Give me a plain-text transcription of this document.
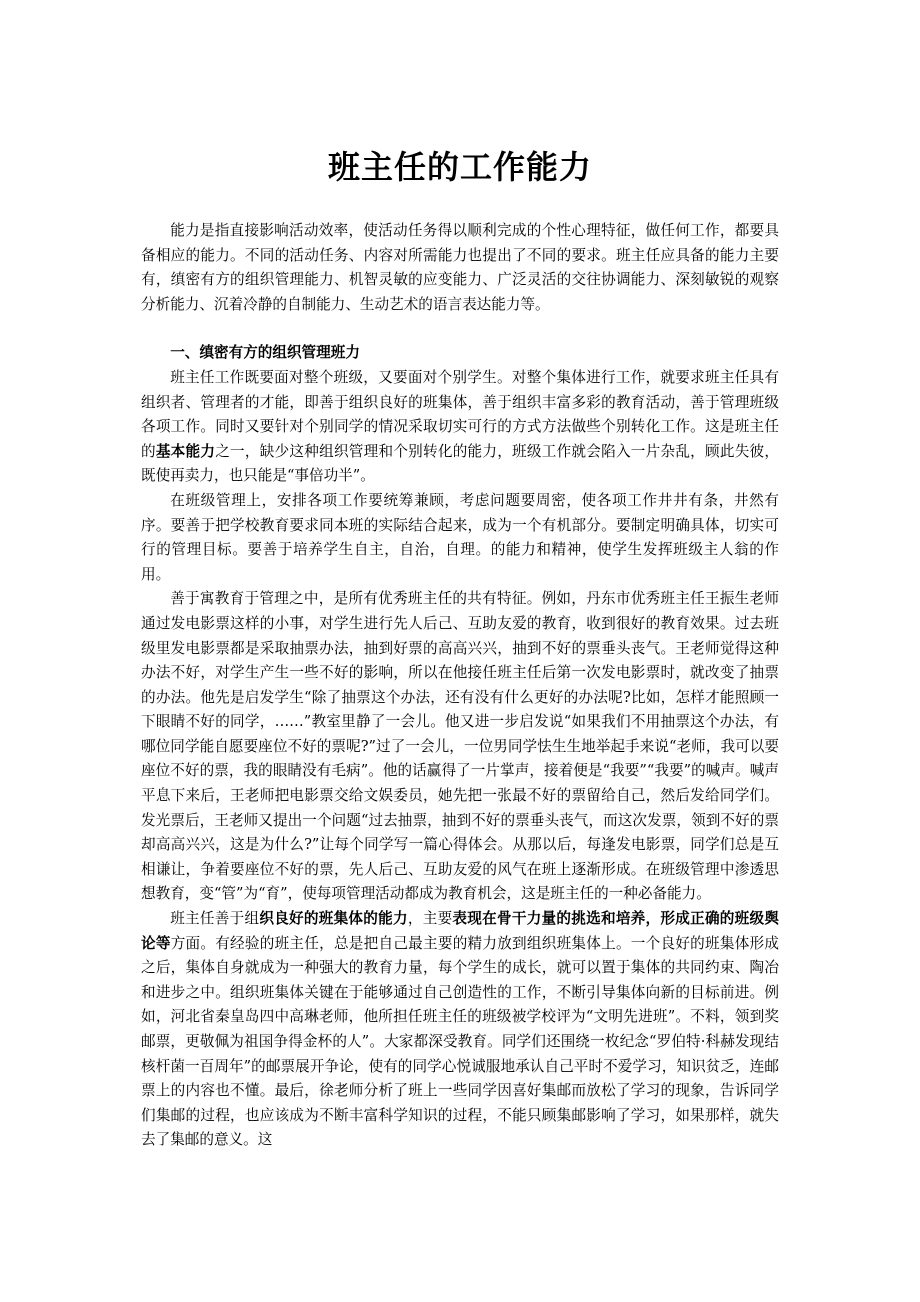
班主任的工作能力

能力是指直接影响活动效率，使活动任务得以顺利完成的个性心理特征，做任何工作，都要具备相应的能力。不同的活动任务、内容对所需能力也提出了不同的要求。班主任应具备的能力主要有，缜密有方的组织管理能力、机智灵敏的应变能力、广泛灵活的交往协调能力、深刻敏锐的观察分析能力、沉着冷静的自制能力、生动艺术的语言表达能力等。

一、缜密有方的组织管理班力

班主任工作既要面对整个班级，又要面对个别学生。对整个集体进行工作，就要求班主任具有组织者、管理者的才能，即善于组织良好的班集体，善于组织丰富多彩的教育活动，善于管理班级各项工作。同时又要针对个别同学的情况采取切实可行的方式方法做些个别转化工作。这是班主任的基本能力之一，缺少这种组织管理和个别转化的能力，班级工作就会陷入一片杂乱，顾此失彼，既使再卖力，也只能是“事倍功半”。

在班级管理上，安排各项工作要统筹兼顾，考虑问题要周密，使各项工作井井有条，井然有序。要善于把学校教育要求同本班的实际结合起来，成为一个有机部分。要制定明确具体，切实可行的管理目标。要善于培养学生自主，自治，自理。的能力和精神，使学生发挥班级主人翁的作用。

善于寓教育于管理之中，是所有优秀班主任的共有特征。例如，丹东市优秀班主任王振生老师通过发电影票这样的小事，对学生进行先人后己、互助友爱的教育，收到很好的教育效果。过去班级里发电影票都是采取抽票办法，抽到好票的高高兴兴，抽到不好的票垂头丧气。王老师觉得这种办法不好，对学生产生一些不好的影响，所以在他接任班主任后第一次发电影票时，就改变了抽票的办法。他先是启发学生“除了抽票这个办法，还有没有什么更好的办法呢?比如，怎样才能照顾一下眼睛不好的同学，……”教室里静了一会儿。他又进一步启发说“如果我们不用抽票这个办法，有哪位同学能自愿要座位不好的票呢?”过了一会儿，一位男同学怯生生地举起手来说“老师，我可以要座位不好的票，我的眼睛没有毛病”。他的话赢得了一片掌声，接着便是“我要”“我要”的喊声。喊声平息下来后，王老师把电影票交给文娱委员，她先把一张最不好的票留给自己，然后发给同学们。发光票后，王老师又提出一个问题“过去抽票，抽到不好的票垂头丧气，而这次发票，领到不好的票却高高兴兴，这是为什么?”让每个同学写一篇心得体会。从那以后，每逢发电影票，同学们总是互相谦让，争着要座位不好的票，先人后己、互助友爱的风气在班上逐渐形成。在班级管理中渗透思想教育，变“管”为“育”，使每项管理活动都成为教育机会，这是班主任的一种必备能力。

班主任善于组织良好的班集体的能力，主要表现在骨干力量的挑选和培养，形成正确的班级舆论等方面。有经验的班主任，总是把自己最主要的精力放到组织班集体上。一个良好的班集体形成之后，集体自身就成为一种强大的教育力量，每个学生的成长，就可以置于集体的共同约束、陶冶和进步之中。组织班集体关键在于能够通过自己创造性的工作，不断引导集体向新的目标前进。例如，河北省秦皇岛四中高琳老师，他所担任班主任的班级被学校评为“文明先进班”。不料，领到奖邮票，更敬佩为祖国争得金杯的人”。大家都深受教育。同学们还围绕一枚纪念“罗伯特·科赫发现结核杆菌一百周年”的邮票展开争论，使有的同学心悦诚服地承认自己平时不爱学习，知识贫乏，连邮票上的内容也不懂。最后，徐老师分析了班上一些同学因喜好集邮而放松了学习的现象，告诉同学们集邮的过程，也应该成为不断丰富科学知识的过程，不能只顾集邮影响了学习，如果那样，就失去了集邮的意义。这
